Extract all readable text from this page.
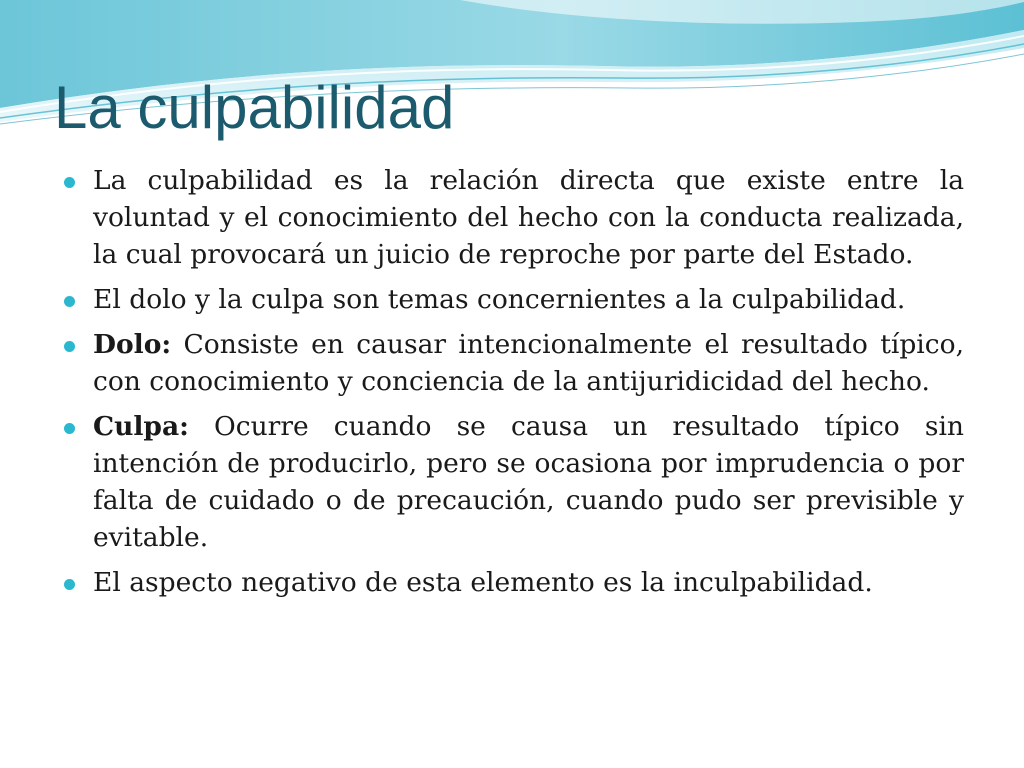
La culpabilidad
La culpabilidad es la relación directa que existe entre la voluntad y el conocimiento del hecho con la conducta realizada, la cual provocará un juicio de reproche por parte del Estado.
El dolo y la culpa son temas concernientes a la culpabilidad.
Dolo: Consiste en causar intencionalmente el resultado típico, con conocimiento y conciencia de la antijuridicidad del hecho.
Culpa: Ocurre cuando se causa un resultado típico sin intención de producirlo, pero se ocasiona por imprudencia o por falta de cuidado o de precaución, cuando pudo ser previsible y evitable.
El aspecto negativo de esta elemento es la inculpabilidad.
